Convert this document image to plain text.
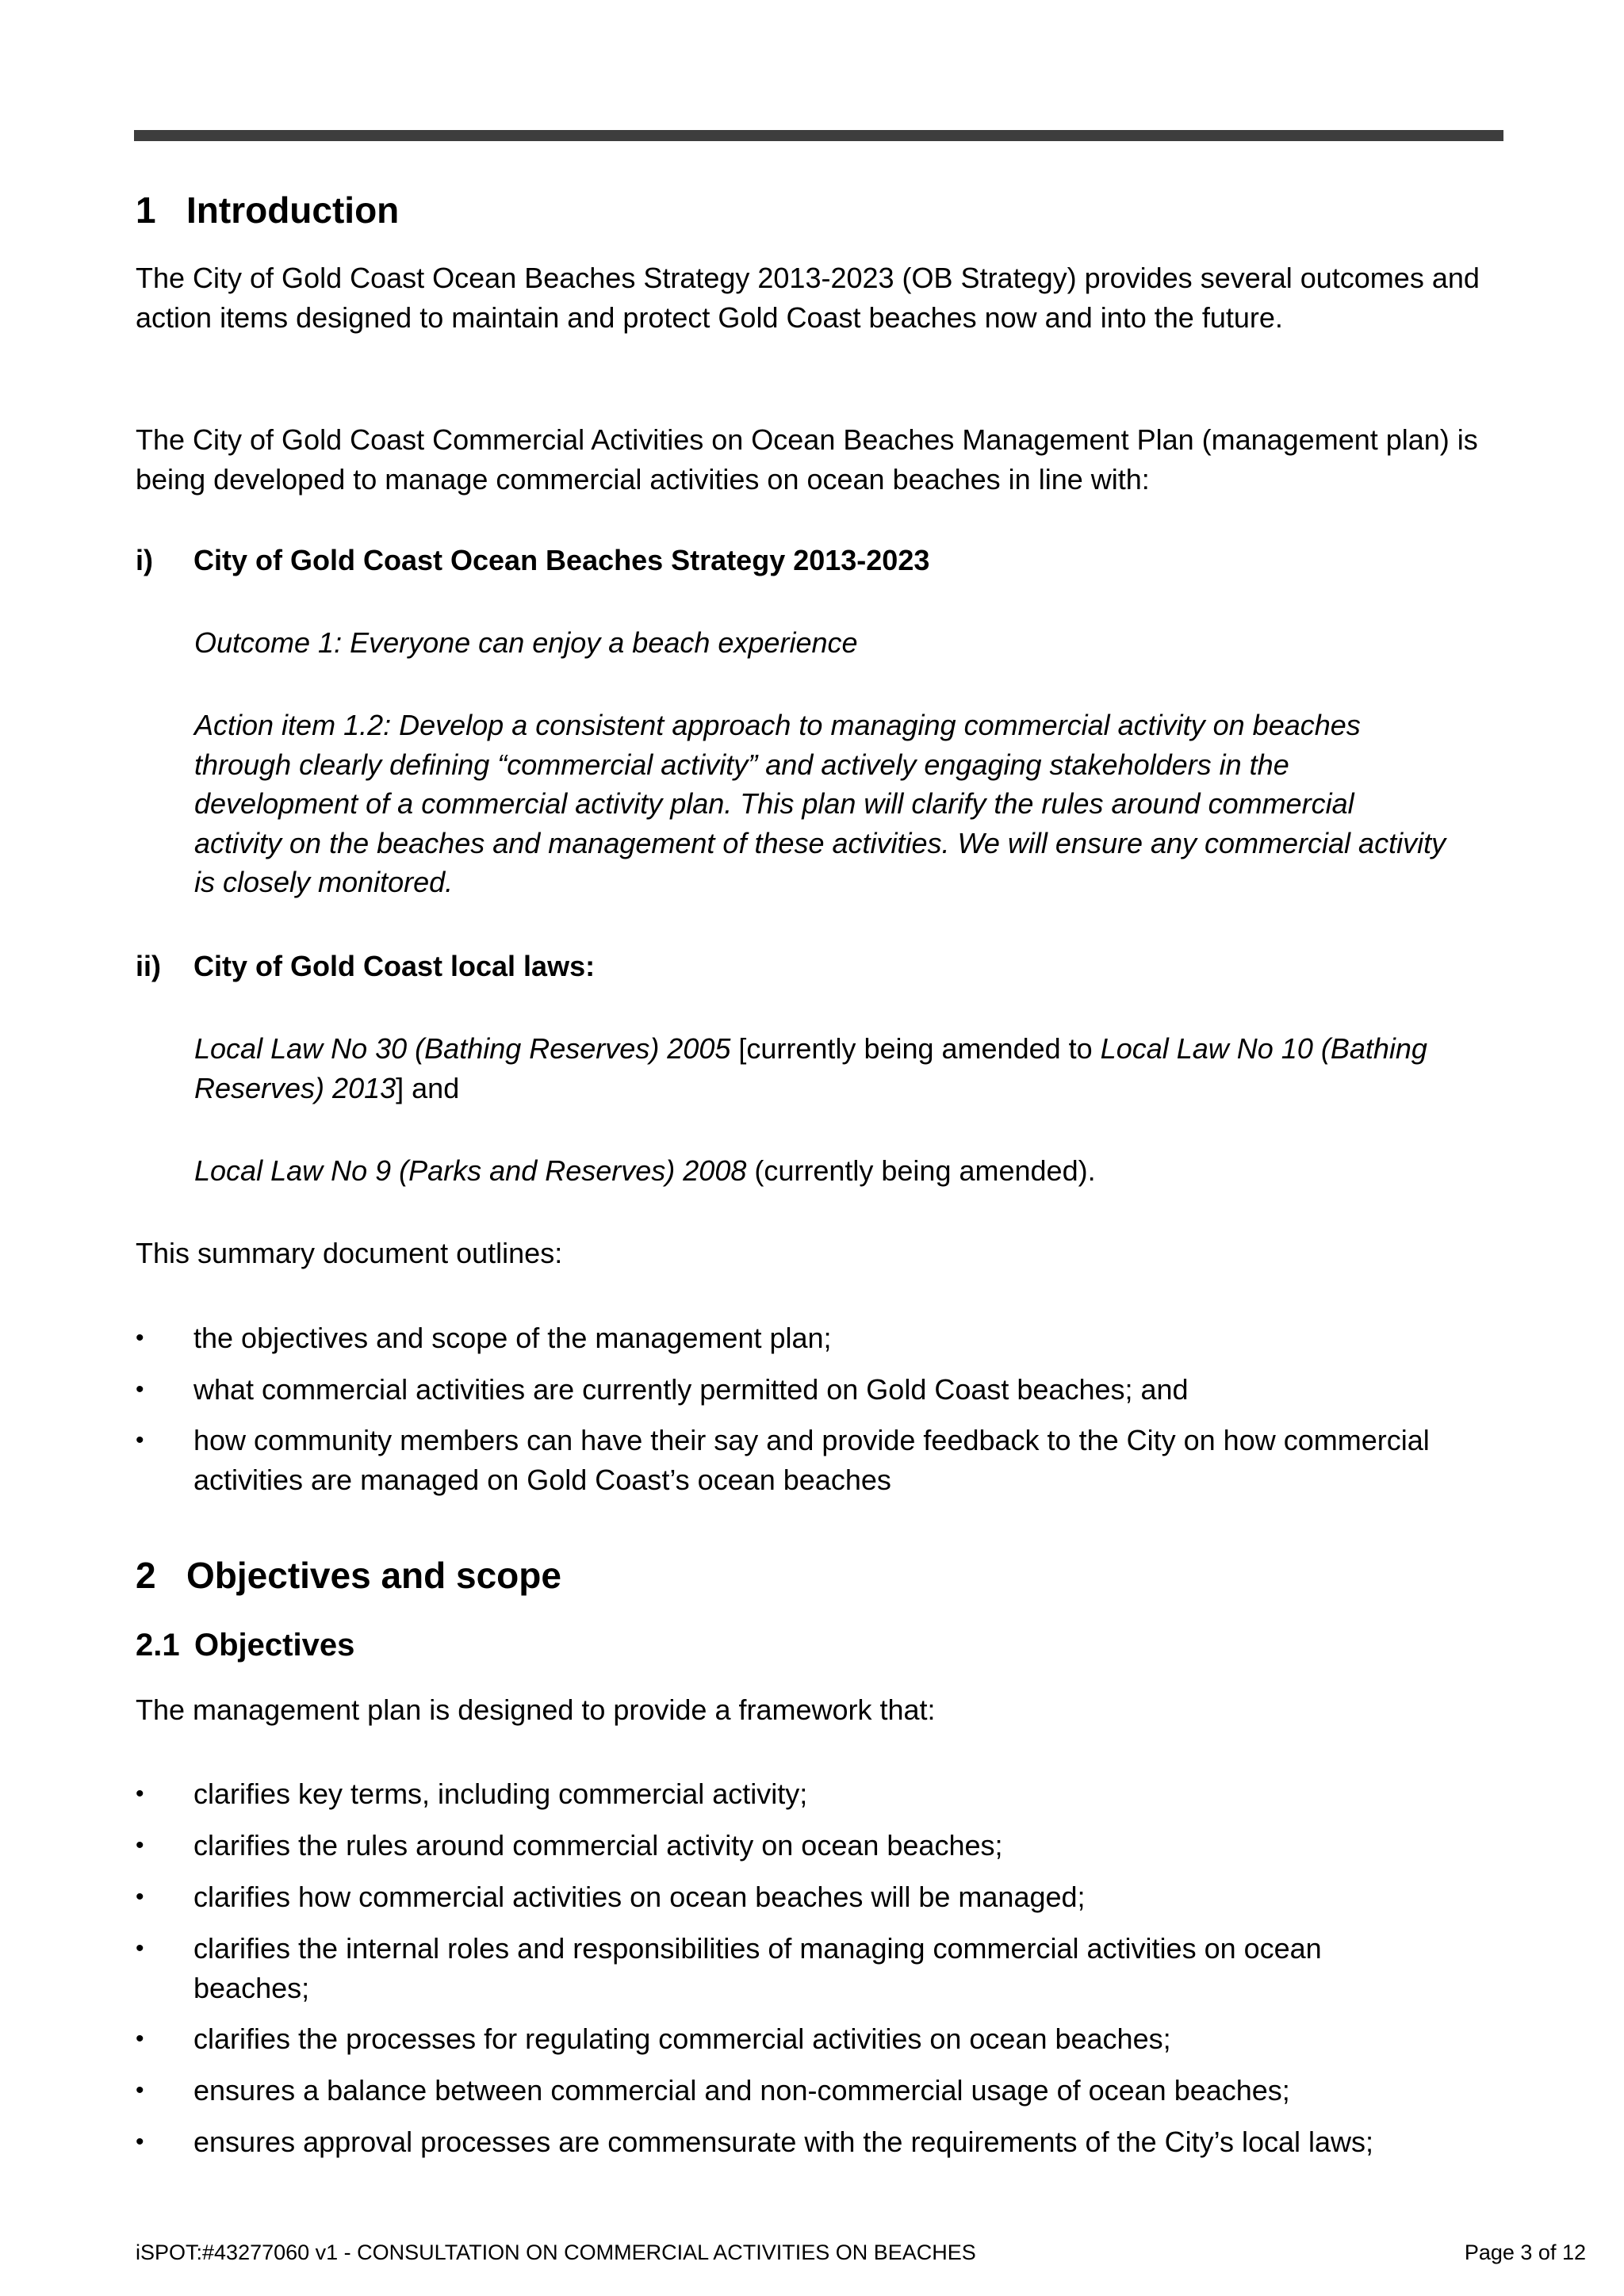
1 Introduction

The City of Gold Coast Ocean Beaches Strategy 2013-2023 (OB Strategy) provides several outcomes and action items designed to maintain and protect Gold Coast beaches now and into the future.

The City of Gold Coast Commercial Activities on Ocean Beaches Management Plan (management plan) is being developed to manage commercial activities on ocean beaches in line with:

i) City of Gold Coast Ocean Beaches Strategy 2013-2023

Outcome 1: Everyone can enjoy a beach experience

Action item 1.2: Develop a consistent approach to managing commercial activity on beaches through clearly defining “commercial activity” and actively engaging stakeholders in the development of a commercial activity plan. This plan will clarify the rules around commercial activity on the beaches and management of these activities. We will ensure any commercial activity is closely monitored.

ii) City of Gold Coast local laws:

Local Law No 30 (Bathing Reserves) 2005 [currently being amended to Local Law No 10 (Bathing Reserves) 2013] and

Local Law No 9 (Parks and Reserves) 2008 (currently being amended).

This summary document outlines:

• the objectives and scope of the management plan;
• what commercial activities are currently permitted on Gold Coast beaches; and
• how community members can have their say and provide feedback to the City on how commercial activities are managed on Gold Coast’s ocean beaches
2 Objectives and scope
2.1 Objectives

The management plan is designed to provide a framework that:

• clarifies key terms, including commercial activity;
• clarifies the rules around commercial activity on ocean beaches;
• clarifies how commercial activities on ocean beaches will be managed;
• clarifies the internal roles and responsibilities of managing commercial activities on ocean beaches;
• clarifies the processes for regulating commercial activities on ocean beaches;
• ensures a balance between commercial and non-commercial usage of ocean beaches;
• ensures approval processes are commensurate with the requirements of the City’s local laws;
iSPOT:#43277060 v1 - CONSULTATION ON COMMERCIAL ACTIVITIES ON BEACHES	Page 3 of 12
